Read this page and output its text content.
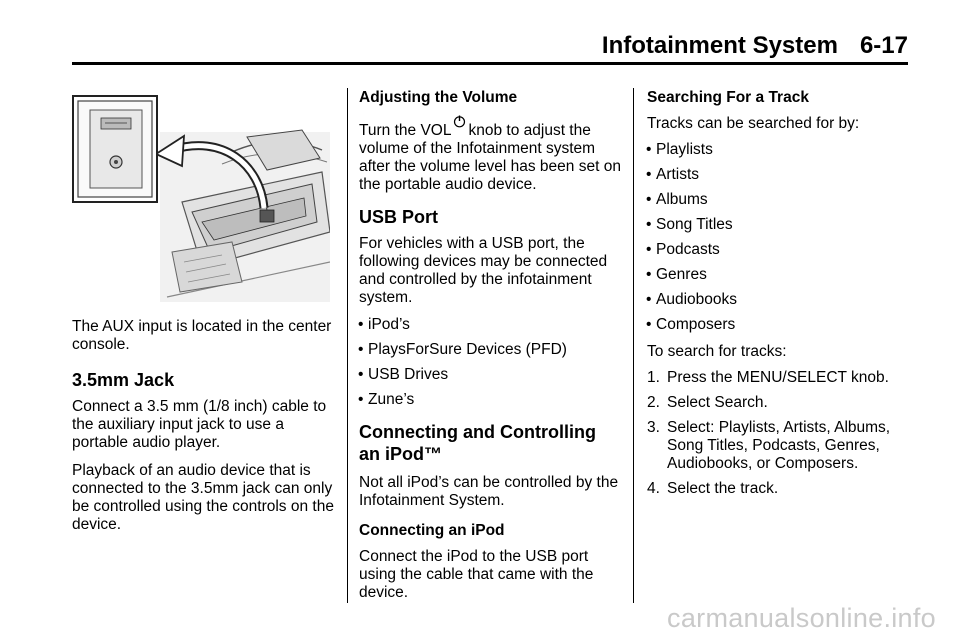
Infotainment System 6-17

The AUX input is located in the center console.

3.5mm Jack

Connect a 3.5 mm (1/8 inch) cable to the auxiliary input jack to use a portable audio player.

Playback of an audio device that is connected to the 3.5mm jack can only be controlled using the controls on the device.

Adjusting the Volume

Turn the VOL knob to adjust the volume of the Infotainment system after the volume level has been set on the portable audio device.

USB Port

For vehicles with a USB port, the following devices may be connected and controlled by the infotainment system.

• iPod’s
• PlaysForSure Devices (PFD)
• USB Drives
• Zune’s
Connecting and Controlling an iPod™

Not all iPod’s can be controlled by the Infotainment System.

Connecting an iPod

Connect the iPod to the USB port using the cable that came with the device.

Searching For a Track

Tracks can be searched for by:

• Playlists
• Artists
• Albums
• Song Titles
• Podcasts
• Genres
• Audiobooks
• Composers

To search for tracks:

1. Press the MENU/SELECT knob.
2. Select Search.
3. Select: Playlists, Artists, Albums, Song Titles, Podcasts, Genres, Audiobooks, or Composers.
4. Select the track.
carmanualsonline.info
